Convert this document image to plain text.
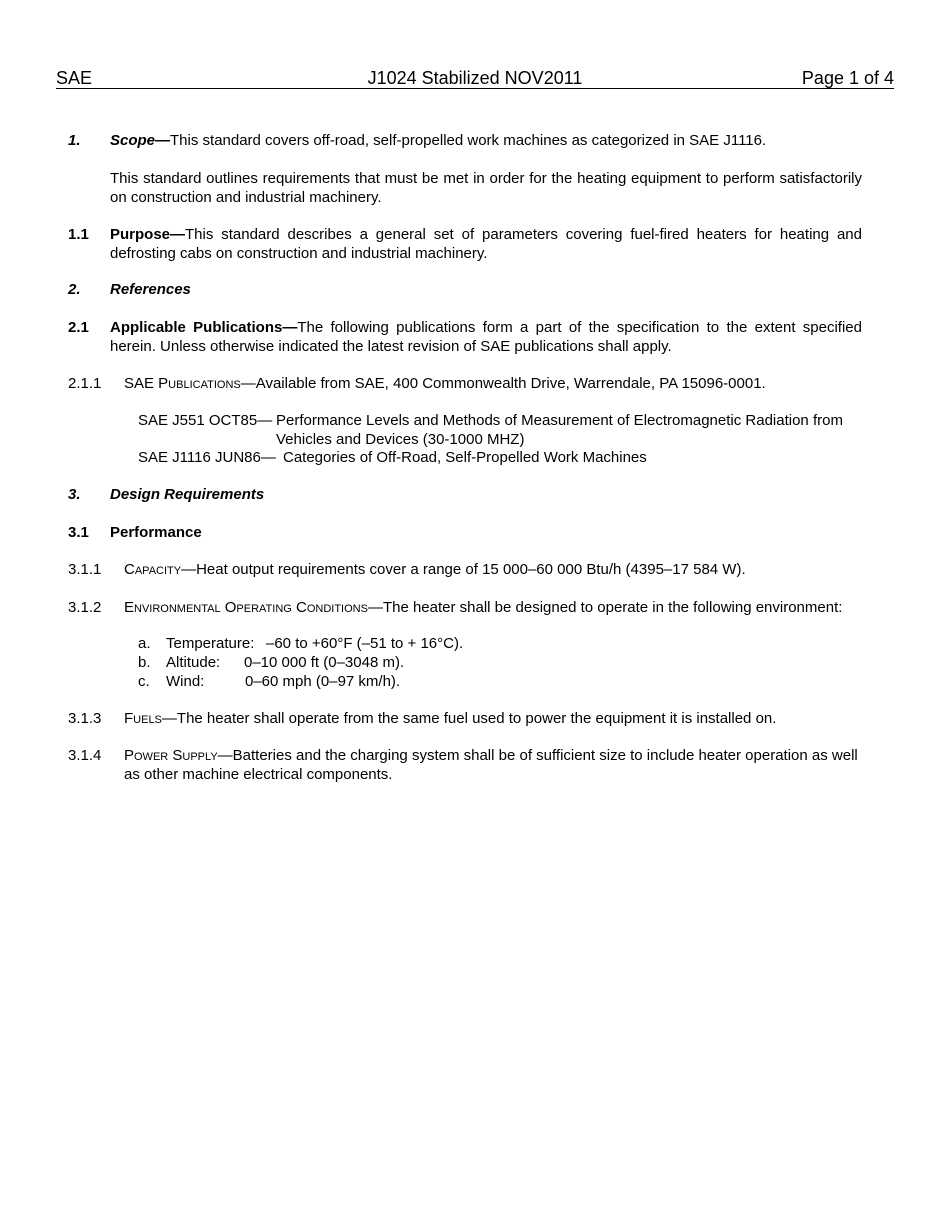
SAE	J1024 Stabilized NOV2011	Page 1 of 4
1. Scope—This standard covers off-road, self-propelled work machines as categorized in SAE J1116.
This standard outlines requirements that must be met in order for the heating equipment to perform satisfactorily on construction and industrial machinery.
1.1 Purpose—This standard describes a general set of parameters covering fuel-fired heaters for heating and defrosting cabs on construction and industrial machinery.
2. References
2.1 Applicable Publications—The following publications form a part of the specification to the extent specified herein. Unless otherwise indicated the latest revision of SAE publications shall apply.
2.1.1 SAE Publications—Available from SAE, 400 Commonwealth Drive, Warrendale, PA 15096-0001.
SAE J551 OCT85— Performance Levels and Methods of Measurement of Electromagnetic Radiation from
Vehicles and Devices (30-1000 MHZ)
SAE J1116 JUN86— Categories of Off-Road, Self-Propelled Work Machines
3. Design Requirements
3.1 Performance
3.1.1 Capacity—Heat output requirements cover a range of 15 000–60 000 Btu/h (4395–17 584 W).
3.1.2 Environmental Operating Conditions—The heater shall be designed to operate in the following environment:
a. Temperature: –60 to +60°F (–51 to + 16°C).
b. Altitude: 0–10 000 ft (0–3048 m).
c. Wind:	0–60 mph (0–97 km/h).
3.1.3 Fuels—The heater shall operate from the same fuel used to power the equipment it is installed on.
3.1.4 Power Supply—Batteries and the charging system shall be of sufficient size to include heater operation as well as other machine electrical components.
